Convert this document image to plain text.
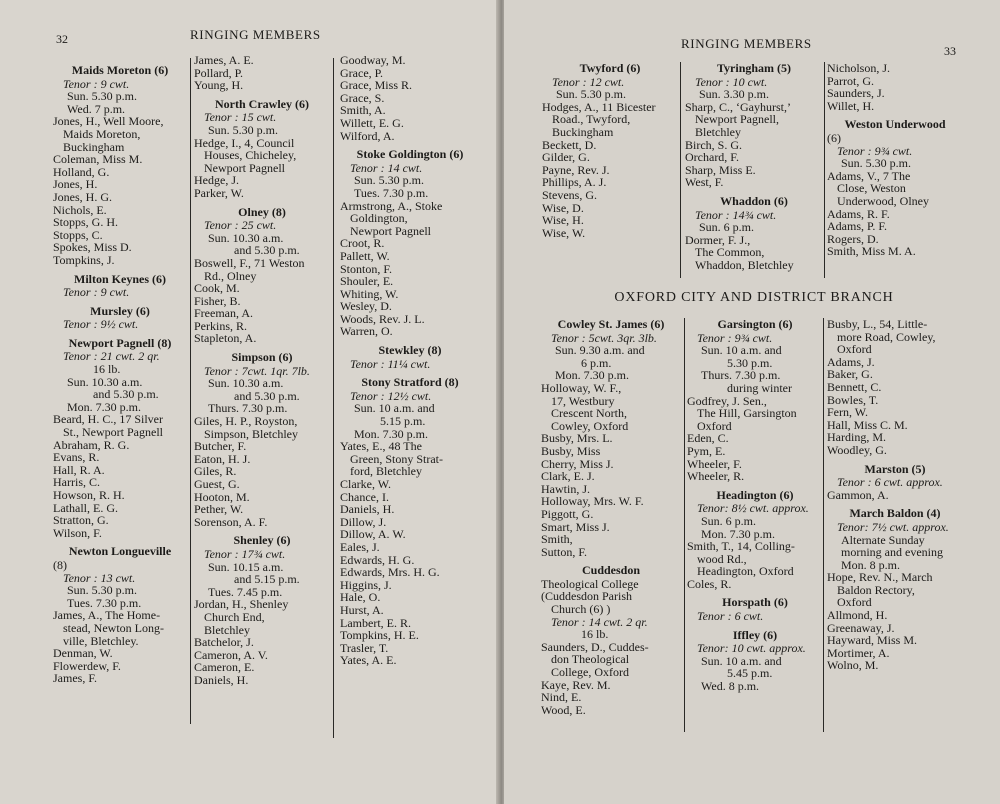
32	RINGING MEMBERS
Maids Moreton (6)
Tenor : 9 cwt.
Sun. 5.30 p.m.
Wed. 7 p.m.
Jones, H., Well Moore,
Maids Moreton,
Buckingham
Coleman, Miss M.
Holland, G.
Jones, H.
Jones, H. G.
Nichols, E.
Stopps, G. H.
Stopps, C.
Spokes, Miss D.
Tompkins, J.
Milton Keynes (6)
Tenor : 9 cwt.
Mursley (6)
Tenor : 9½ cwt.
Newport Pagnell (8)
Tenor : 21 cwt. 2 qr.
16 lb.
Sun. 10.30 a.m.
and 5.30 p.m.
Mon. 7.30 p.m.
Beard, H. C., 17 Silver
St., Newport Pagnell
Abraham, R. G.
Evans, R.
Hall, R. A.
Harris, C.
Howson, R. H.
Lathall, E. G.
Stratton, G.
Wilson, F.
Newton Longueville
(8)
Tenor : 13 cwt.
Sun. 5.30 p.m.
Tues. 7.30 p.m.
James, A., The Home-
stead, Newton Long-
ville, Bletchley.
Denman, W.
Flowerdew, F.
James, F.
James, A. E.
Pollard, P.
Young, H.
North Crawley (6)
Tenor : 15 cwt.
Sun. 5.30 p.m.
Hedge, I., 4, Council
Houses, Chicheley,
Newport Pagnell
Hedge, J.
Parker, W.
Olney (8)
Tenor : 25 cwt.
Sun. 10.30 a.m.
and 5.30 p.m.
Boswell, F., 71 Weston
Rd., Olney
Cook, M.
Fisher, B.
Freeman, A.
Perkins, R.
Stapleton, A.
Simpson (6)
Tenor : 7cwt. 1qr. 7lb.
Sun. 10.30 a.m.
and 5.30 p.m.
Thurs. 7.30 p.m.
Giles, H. P., Royston,
Simpson, Bletchley
Butcher, F.
Eaton, H. J.
Giles, R.
Guest, G.
Hooton, M.
Pether, W.
Sorenson, A. F.
Shenley (6)
Tenor : 17¾ cwt.
Sun. 10.15 a.m.
and 5.15 p.m.
Tues. 7.45 p.m.
Jordan, H., Shenley
Church End,
Bletchley
Batchelor, J.
Cameron, A. V.
Cameron, E.
Daniels, H.
Goodway, M.
Grace, P.
Grace, Miss R.
Grace, S.
Smith, A.
Willett, E. G.
Wilford, A.
Stoke Goldington (6)
Tenor : 14 cwt.
Sun. 5.30 p.m.
Tues. 7.30 p.m.
Armstrong, A., Stoke
Goldington,
Newport Pagnell
Croot, R.
Pallett, W.
Stonton, F.
Shouler, E.
Whiting, W.
Wesley, D.
Woods, Rev. J. L.
Warren, O.
Stewkley (8)
Tenor : 11¼ cwt.
Stony Stratford (8)
Tenor : 12½ cwt.
Sun. 10 a.m. and
5.15 p.m.
Mon. 7.30 p.m.
Yates, E., 48 The
Green, Stony Strat-
ford, Bletchley
Clarke, W.
Chance, I.
Daniels, H.
Dillow, J.
Dillow, A. W.
Eales, J.
Edwards, H. G.
Edwards, Mrs. H. G.
Higgins, J.
Hale, O.
Hurst, A.
Lambert, E. R.
Tompkins, H. E.
Trasler, T.
Yates, A. E.
RINGING MEMBERS	33
Twyford (6)
Tenor : 12 cwt.
Sun. 5.30 p.m.
Hodges, A., 11 Bicester
Road., Twyford,
Buckingham
Beckett, D.
Gilder, G.
Payne, Rev. J.
Phillips, A. J.
Stevens, G.
Wise, D.
Wise, H.
Wise, W.
Tyringham (5)
Tenor : 10 cwt.
Sun. 3.30 p.m.
Sharp, C., ‘Gayhurst,’
Newport Pagnell,
Bletchley
Birch, S. G.
Orchard, F.
Sharp, Miss E.
West, F.
Whaddon (6)
Tenor : 14¾ cwt.
Sun. 6 p.m.
Dormer, F. J.,
The Common,
Whaddon, Bletchley
Nicholson, J.
Parrot, G.
Saunders, J.
Willet, H.
Weston Underwood
(6)
Tenor : 9¾ cwt.
Sun. 5.30 p.m.
Adams, V., 7 The
Close, Weston
Underwood, Olney
Adams, R. F.
Adams, P. F.
Rogers, D.
Smith, Miss M. A.
OXFORD CITY AND DISTRICT BRANCH
Cowley St. James (6)
Tenor : 5cwt. 3qr. 3lb.
Sun. 9.30 a.m. and
6 p.m.
Mon. 7.30 p.m.
Holloway, W. F.,
17, Westbury
Crescent North,
Cowley, Oxford
Busby, Mrs. L.
Busby, Miss
Cherry, Miss J.
Clark, E. J.
Hawtin, J.
Holloway, Mrs. W. F.
Piggott, G.
Smart, Miss J.
Smith,
Sutton, F.
Cuddesdon
Theological College
(Cuddesdon Parish
Church (6) )
Tenor : 14 cwt. 2 qr.
16 lb.
Saunders, D., Cuddes-
don Theological
College, Oxford
Kaye, Rev. M.
Nind, E.
Wood, E.
Garsington (6)
Tenor : 9¾ cwt.
Sun. 10 a.m. and
5.30 p.m.
Thurs. 7.30 p.m.
during winter
Godfrey, J. Sen.,
The Hill, Garsington
Oxford
Eden, C.
Pym, E.
Wheeler, F.
Wheeler, R.
Headington (6)
Tenor: 8½ cwt. approx.
Sun. 6 p.m.
Mon. 7.30 p.m.
Smith, T., 14, Colling-
wood Rd.,
Headington, Oxford
Coles, R.
Horspath (6)
Tenor : 6 cwt.
Iffley (6)
Tenor: 10 cwt. approx.
Sun. 10 a.m. and
5.45 p.m.
Wed. 8 p.m.
Busby, L., 54, Little-
more Road, Cowley,
Oxford
Adams, J.
Baker, G.
Bennett, C.
Bowles, T.
Fern, W.
Hall, Miss C. M.
Harding, M.
Woodley, G.
Marston (5)
Tenor : 6 cwt. approx.
Gammon, A.
March Baldon (4)
Tenor: 7½ cwt. approx.
Alternate Sunday
morning and evening
Mon. 8 p.m.
Hope, Rev. N., March
Baldon Rectory,
Oxford
Allmond, H.
Greenaway, J.
Hayward, Miss M.
Mortimer, A.
Wolno, M.
